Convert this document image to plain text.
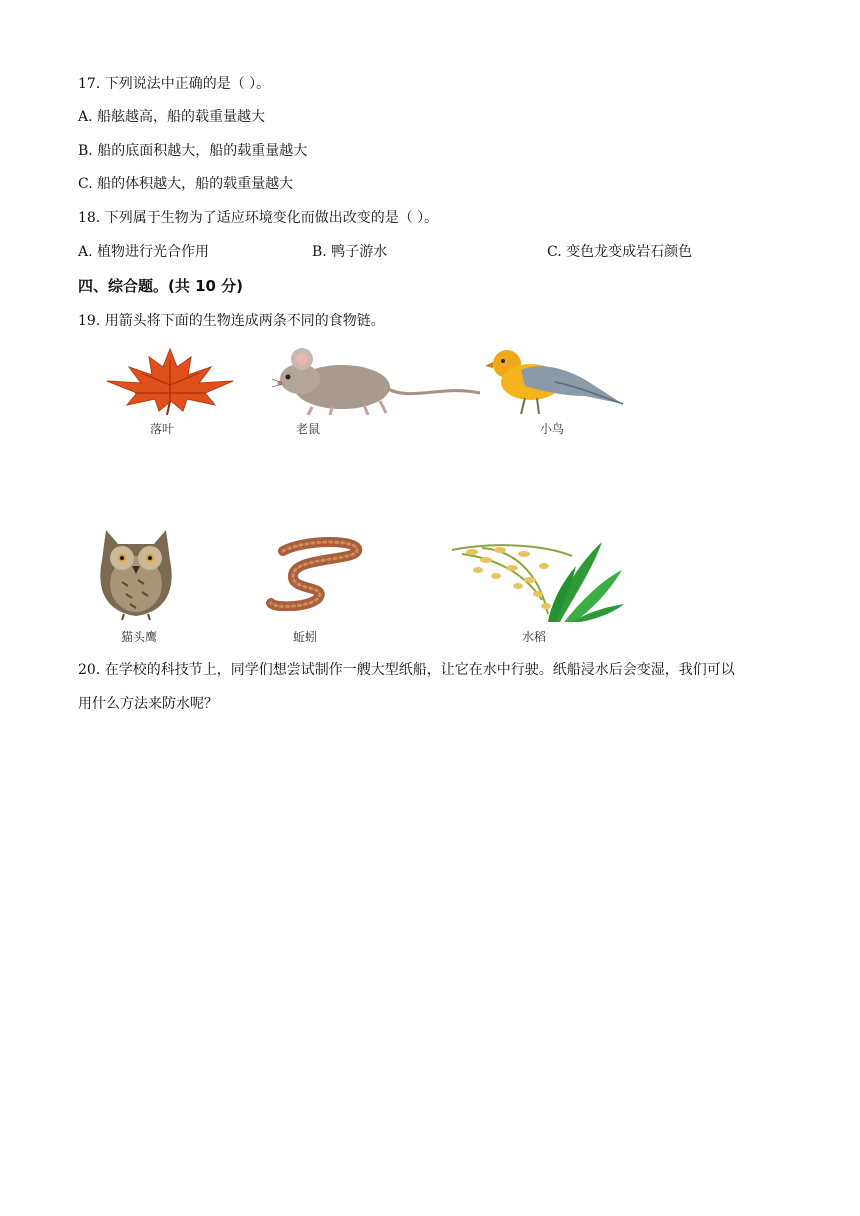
17. 下列说法中正确的是（ ）。
A. 船舷越高，船的载重量越大
B. 船的底面积越大，船的载重量越大
C. 船的体积越大，船的载重量越大
18. 下列属于生物为了适应环境变化而做出改变的是（ ）。
A. 植物进行光合作用	B. 鸭子游水	C. 变色龙变成岩石颜色
四、综合题。(共 10 分)
19. 用箭头将下面的生物连成两条不同的食物链。
落叶	老鼠	小鸟
猫头鹰	蚯蚓	水稻
20. 在学校的科技节上，同学们想尝试制作一艘大型纸船，让它在水中行驶。纸船浸水后会变湿，我们可以
用什么方法来防水呢？
